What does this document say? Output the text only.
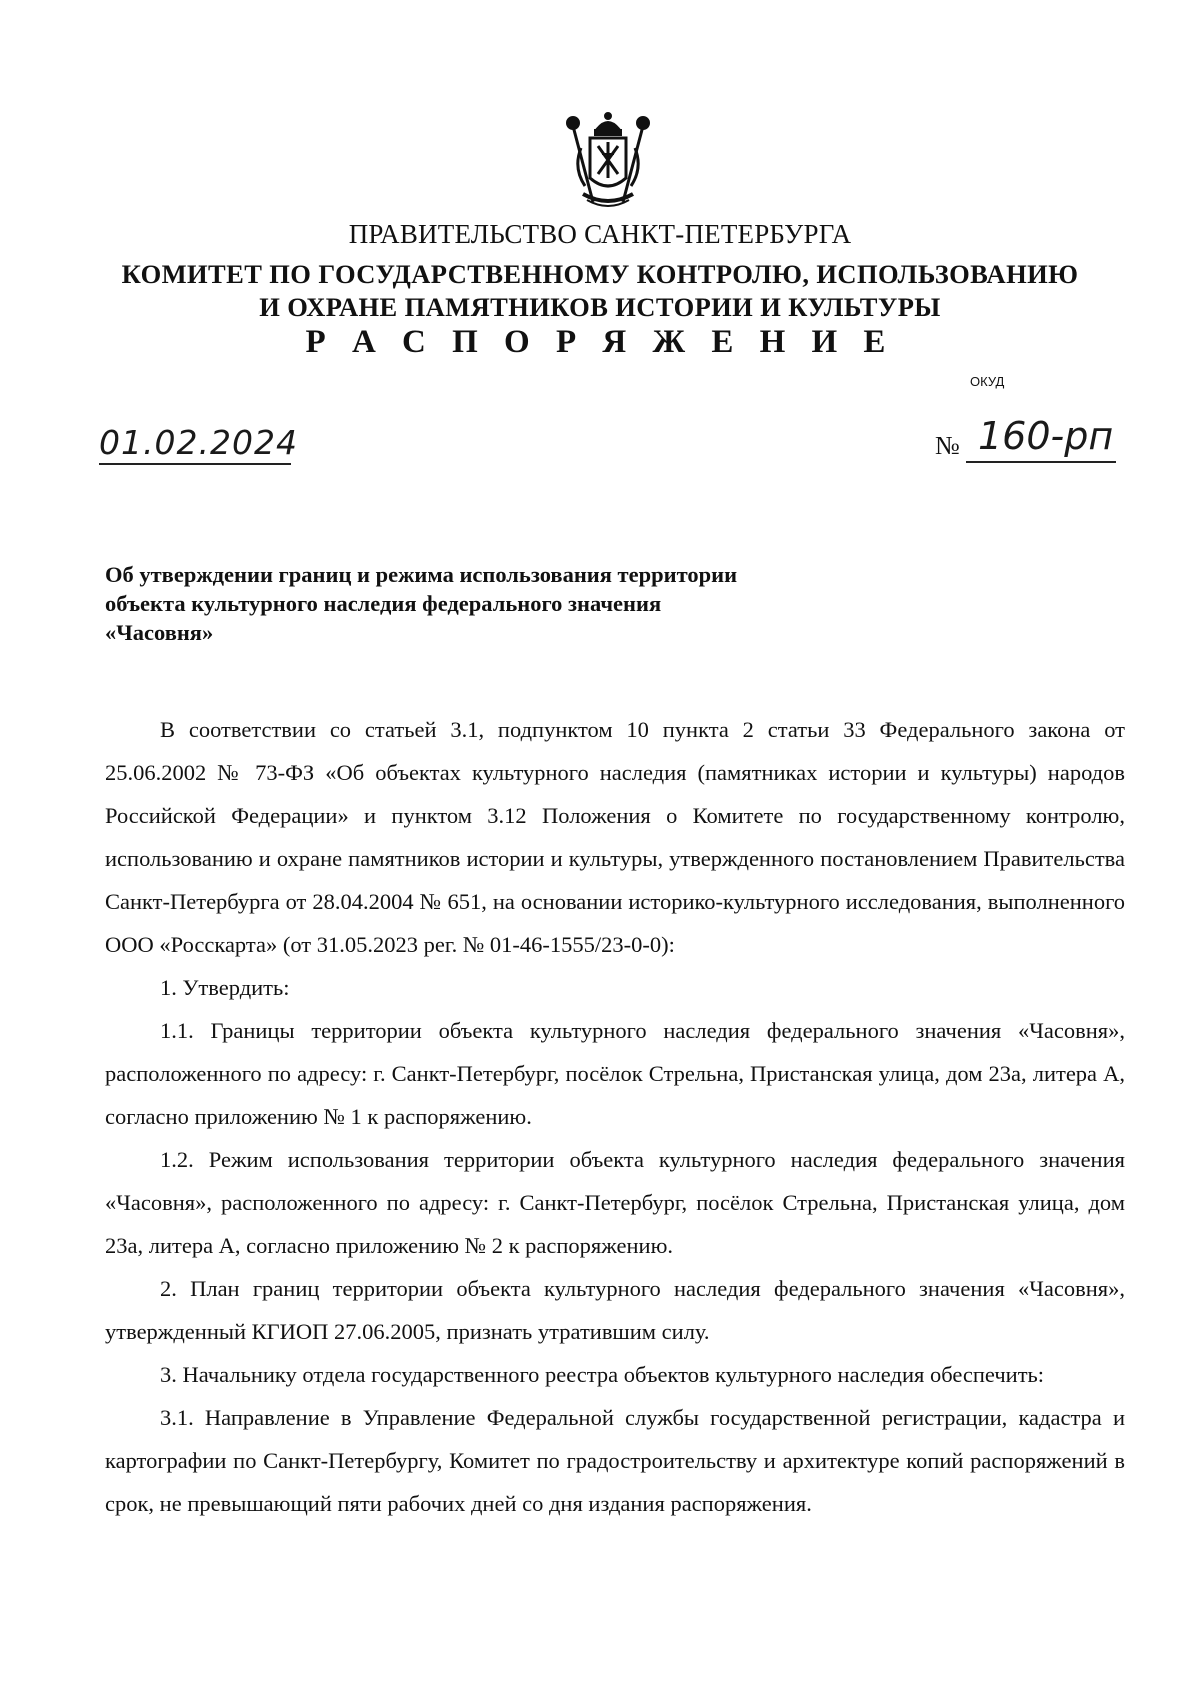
ПРАВИТЕЛЬСТВО САНКТ-ПЕТЕРБУРГА
КОМИТЕТ ПО ГОСУДАРСТВЕННОМУ КОНТРОЛЮ, ИСПОЛЬЗОВАНИЮ
И ОХРАНЕ ПАМЯТНИКОВ ИСТОРИИ И КУЛЬТУРЫ
Р А С П О Р Я Ж Е Н И Е
ОКУД
01.02.2024	№ 160-рп
Об утверждении границ и режима использования территории
объекта культурного наследия федерального значения
«Часовня»

В соответствии со статьей 3.1, подпунктом 10 пункта 2 статьи 33 Федерального закона от 25.06.2002 № 73-ФЗ «Об объектах культурного наследия (памятниках истории и культуры) народов Российской Федерации» и пунктом 3.12 Положения о Комитете по государственному контролю, использованию и охране памятников истории и культуры, утвержденного постановлением Правительства Санкт-Петербурга от 28.04.2004 № 651, на основании историко-культурного исследования, выполненного ООО «Росскарта» (от 31.05.2023 рег. № 01-46-1555/23-0-0):

1. Утвердить:

1.1. Границы территории объекта культурного наследия федерального значения «Часовня», расположенного по адресу: г. Санкт-Петербург, посёлок Стрельна, Пристанская улица, дом 23а, литера А, согласно приложению № 1 к распоряжению.

1.2. Режим использования территории объекта культурного наследия федерального значения «Часовня», расположенного по адресу: г. Санкт-Петербург, посёлок Стрельна, Пристанская улица, дом 23а, литера А, согласно приложению № 2 к распоряжению.

2. План границ территории объекта культурного наследия федерального значения «Часовня», утвержденный КГИОП 27.06.2005, признать утратившим силу.

3. Начальнику отдела государственного реестра объектов культурного наследия обеспечить:

3.1. Направление в Управление Федеральной службы государственной регистрации, кадастра и картографии по Санкт-Петербургу, Комитет по градостроительству и архитектуре копий распоряжений в срок, не превышающий пяти рабочих дней со дня издания распоряжения.
